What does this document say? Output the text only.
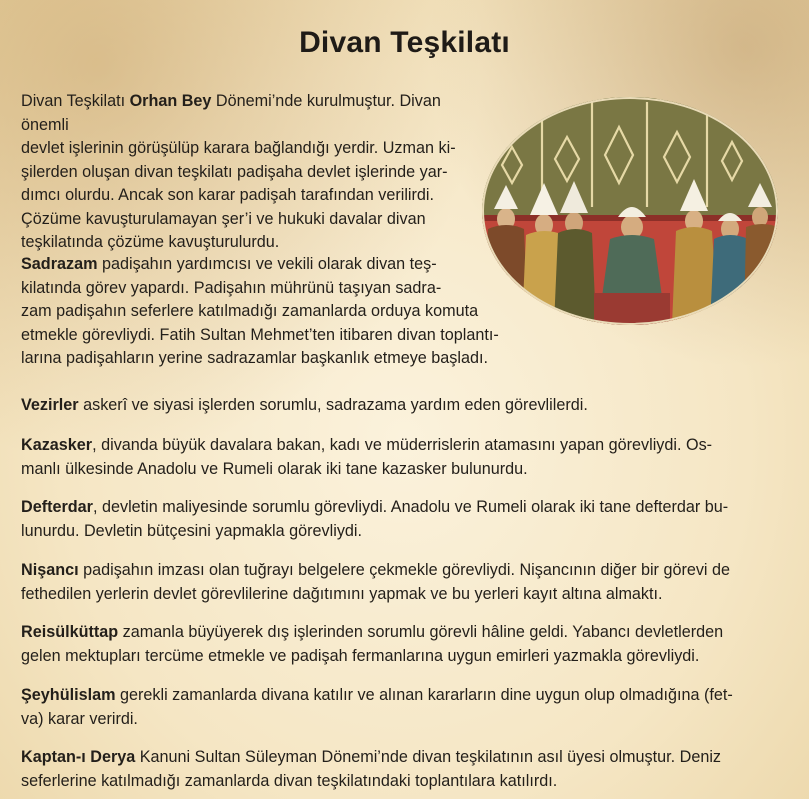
Divan Teşkilatı

Divan Teşkilatı Orhan Bey Dönemi’nde kurulmuştur. Divan önemli
devlet işlerinin görüşülüp karara bağlandığı yerdir. Uzman ki-
şilerden oluşan divan teşkilatı padişaha devlet işlerinde yar-
dımcı olurdu. Ancak son karar padişah tarafından verilirdi.
Çözüme kavuşturulamayan şer’i ve hukuki davalar divan
teşkilatında çözüme kavuşturulurdu.

Sadrazam padişahın yardımcısı ve vekili olarak divan teş-
kilatında görev yapardı. Padişahın mührünü taşıyan sadra-
zam padişahın seferlere katılmadığı zamanlarda orduya komuta
etmekle görevliydi. Fatih Sultan Mehmet’ten itibaren divan toplantı-
larına padişahların yerine sadrazamlar başkanlık etmeye başladı.

Vezirler askerî ve siyasi işlerden sorumlu, sadrazama yardım eden görevlilerdi.

Kazasker, divanda büyük davalara bakan, kadı ve müderrislerin atamasını yapan görevliydi. Os-
manlı ülkesinde Anadolu ve Rumeli olarak iki tane kazasker bulunurdu.

Defterdar, devletin maliyesinde sorumlu görevliydi. Anadolu ve Rumeli olarak iki tane defterdar bu-
lunurdu. Devletin bütçesini yapmakla görevliydi.

Nişancı padişahın imzası olan tuğrayı belgelere çekmekle görevliydi. Nişancının diğer bir görevi de
fethedilen yerlerin devlet görevlilerine dağıtımını yapmak ve bu yerleri kayıt altına almaktı.

Reisülküttap zamanla büyüyerek dış işlerinden sorumlu görevli hâline geldi. Yabancı devletlerden
gelen mektupları tercüme etmekle ve padişah fermanlarına uygun emirleri yazmakla görevliydi.

Şeyhülislam gerekli zamanlarda divana katılır ve alınan kararların dine uygun olup olmadığına (fet-
va) karar verirdi.

Kaptan-ı Derya Kanuni Sultan Süleyman Dönemi’nde divan teşkilatının asıl üyesi olmuştur. Deniz
seferlerine katılmadığı zamanlarda divan teşkilatındaki toplantılara katılırdı.
